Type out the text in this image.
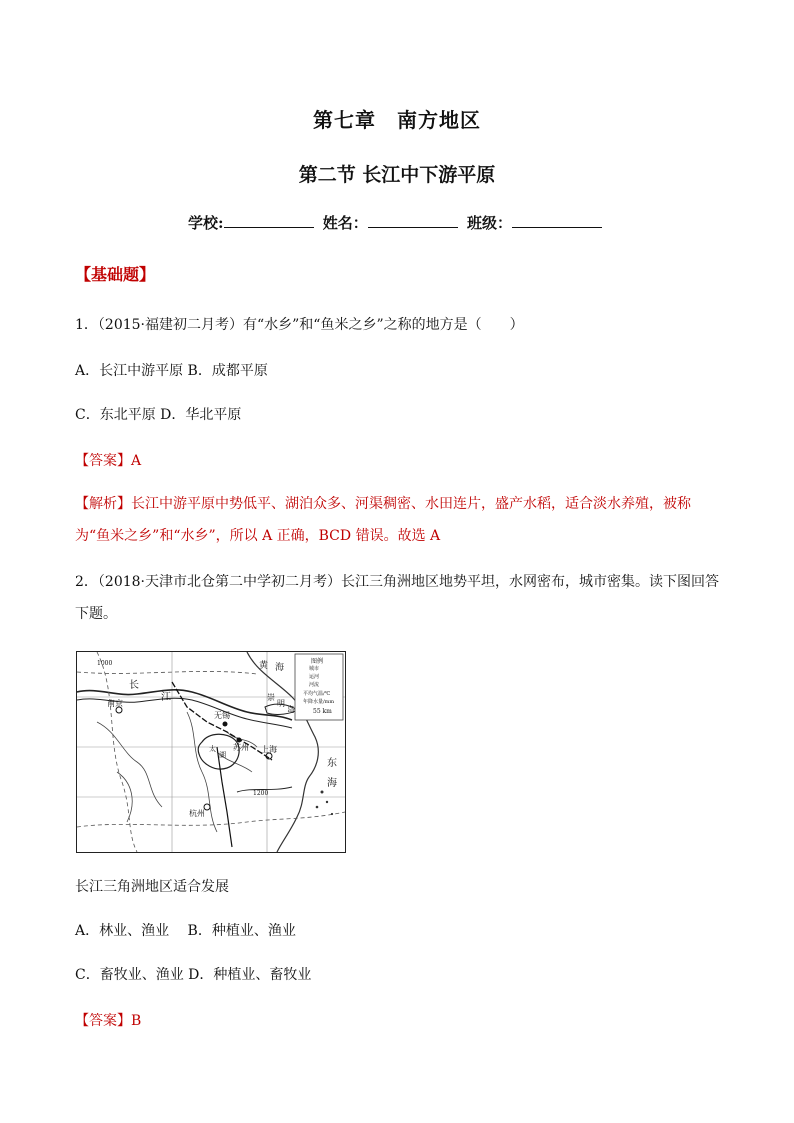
第七章　南方地区
第二节 长江中下游平原
学校:	姓名：	班级：
【基础题】
1．（2015·福建初二月考）有“水乡”和“鱼米之乡”之称的地方是（　　）
A．长江中游平原 B．成都平原
C．东北平原 D．华北平原
【答案】A
【解析】长江中游平原中势低平、湖泊众多、河渠稠密、水田连片，盛产水稻，适合淡水养殖，被称为“鱼米之乡”和“水乡”，所以 A 正确，BCD 错误。故选 A
2．（2018·天津市北仓第二中学初二月考）长江三角洲地区地势平坦，水网密布，城市密集。读下图回答下题。
图例
城市
运河
河流
平均气温/℃
年降水量/mm
55 km
黄 海
东
海
长
江
南京
无锡
苏州 上海
杭州
崇
明
岛
太
湖
1000
1200
长江三角洲地区适合发展
A．林业、渔业　 B．种植业、渔业
C．畜牧业、渔业 D．种植业、畜牧业
【答案】B
